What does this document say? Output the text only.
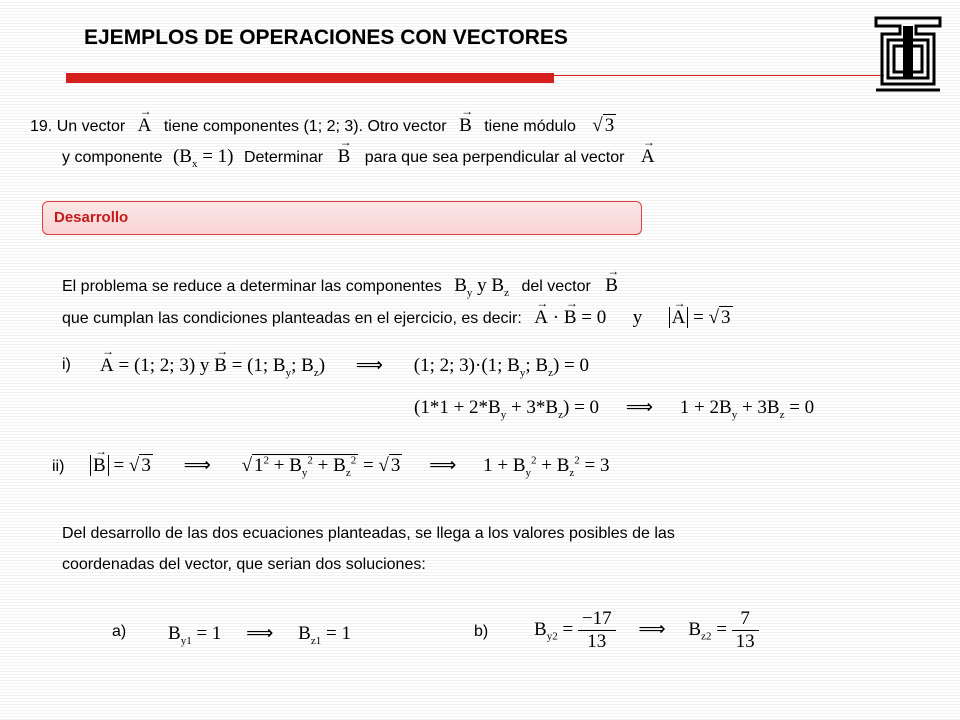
EJEMPLOS DE OPERACIONES CON VECTORES
19. Un vector → A tiene componentes (1; 2; 3). Otro vector → B tiene módulo √ 3
y componente $(B_x = 1)$ Determinar → B para que sea perpendicular al vector → A
Desarrollo
El problema se reduce a determinar las componentes $B_y$ y $B_z$ del vector → B
que cumplan las condiciones planteadas en el ejercicio, es decir: → A · → B = 0 y → A = √ 3
i) → A = (1; 2; 3) y → B = (1; $B_y$; $B_z$) ⟹ (1; 2; 3)·(1; $B_y$; $B_z) = 0$
$(1*1 + 2*B_y + 3*B_z) = 0$ ⟹ $1 + 2B_y + 3B_z = 0$
ii) → B = √ 3 ⟹ √ $1^2 + B_y^2 + B_z^2$ = √ 3 ⟹ $1 + B_y^2 + B_z^2 = 3$
Del desarrollo de las dos ecuaciones planteadas, se llega a los valores posibles de las
coordenadas del vector, que serian dos soluciones:
a) $B_{y1} = 1$ ⟹ $B_{z1} = 1$	b) $B_{y2} = \frac{-17}{13}$ ⟹ $B_{z2} = \frac{7}{13}$
